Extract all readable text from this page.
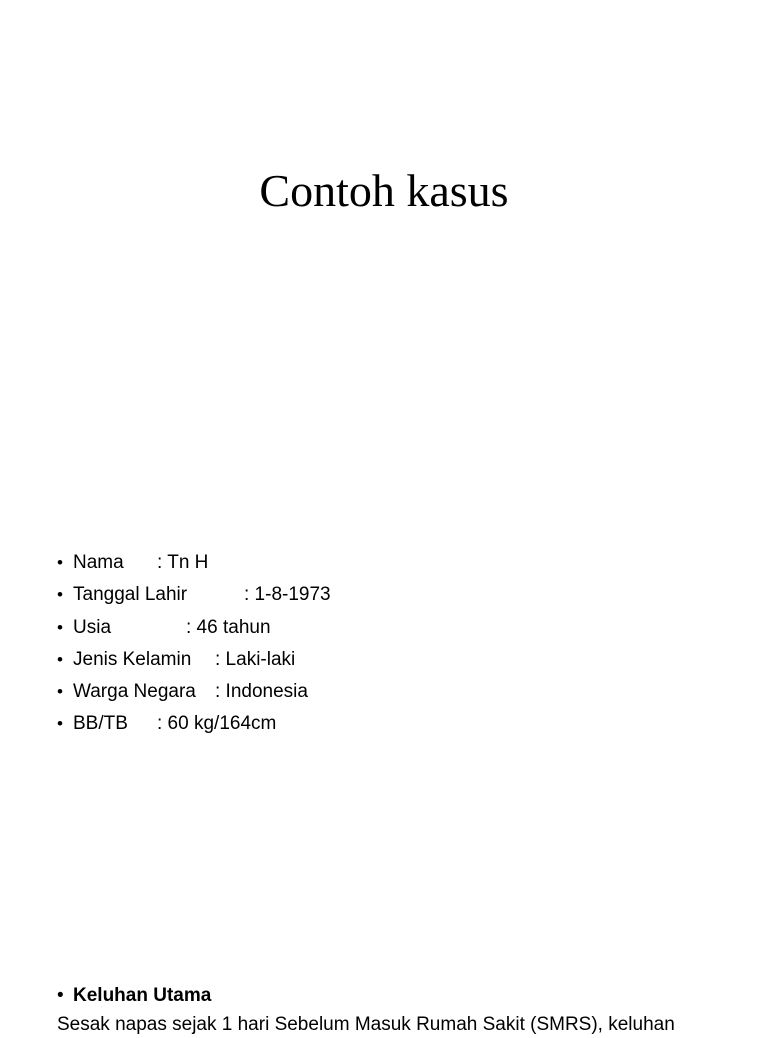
Contoh kasus
• Nama : Tn H
• Tanggal Lahir	: 1-8-1973
• Usia	: 46 tahun
• Jenis Kelamin : Laki-laki
• Warga Negara : Indonesia
• BB/TB : 60 kg/164cm
• Keluhan Utama
Sesak napas sejak 1 hari Sebelum Masuk Rumah Sakit (SMRS), keluhan
